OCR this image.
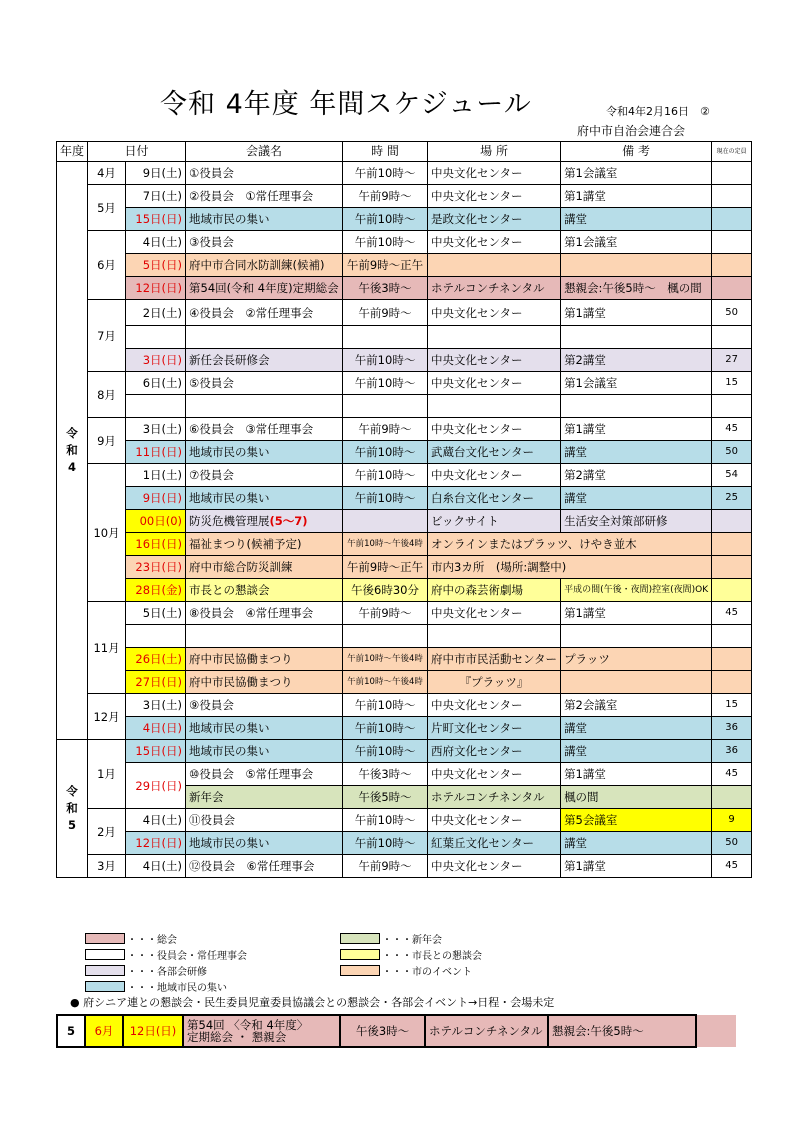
令和 4年度 年間スケジュール	令和4年2月16日　②
府中市自治会連合会
年度	日付		会議名	時 間	場 所	備 考	現在の定員

令
和
4	4月	9日(土)	①役員会	午前10時～	中央文化センター	第1会議室	
	5月	7日(土)	②役員会　①常任理事会	午前9時～	中央文化センター	第1講堂	
		15日(日)	地域市民の集い	午前10時～	是政文化センター	講堂	
	6月	4日(土)	③役員会	午前10時～	中央文化センター	第1会議室	
		5日(日)	府中市合同水防訓練(候補)	午前9時～正午			
		12日(日)	第54回(令和 4年度)定期総会	午後3時～	ホテルコンチネンタル	懇親会:午後5時～　楓の間	
	7月	2日(土)	④役員会　②常任理事会	午前9時～	中央文化センター	第1講堂	50

		3日(日)	新任会長研修会	午前10時～	中央文化センター	第2講堂	27
	8月	6日(土)	⑤役員会	午前10時～	中央文化センター	第1会議室	15

	9月	3日(土)	⑥役員会　③常任理事会	午前9時～	中央文化センター	第1講堂	45
		11日(日)	地域市民の集い	午前10時～	武蔵台文化センター	講堂	50
	10月	1日(土)	⑦役員会	午前10時～	中央文化センター	第2講堂	54
		9日(日)	地域市民の集い	午前10時～	白糸台文化センター	講堂	25
		00日(0)	防災危機管理展(5～7)		ビックサイト	生活安全対策部研修	
		16日(日)	福祉まつり(候補予定)	午前10時～午後4時	オンラインまたはプラッツ、けやき並木		
		23日(日)	府中市総合防災訓練	午前9時～正午	市内3カ所　(場所:調整中)		
		28日(金)	市長との懇談会	午後6時30分	府中の森芸術劇場	平成の間(午後・夜間)控室(夜間)OK	
	11月	5日(土)	⑧役員会　④常任理事会	午前9時～	中央文化センター	第1講堂	45

		26日(土)	府中市民協働まつり	午前10時～午後4時	府中市市民活動センター	プラッツ	
		27日(日)	府中市民協働まつり	午前10時～午後4時	『プラッツ』		
	12月	3日(土)	⑨役員会	午前10時～	中央文化センター	第2会議室	15
		4日(日)	地域市民の集い	午前10時～	片町文化センター	講堂	36

令
和
5	1月	15日(日)	地域市民の集い	午前10時～	西府文化センター	講堂	36
		29日(日)	⑩役員会　⑤常任理事会	午後3時～	中央文化センター	第1講堂	45
			新年会	午後5時～	ホテルコンチネンタル	楓の間	
	2月	4日(土)	⑪役員会	午前10時～	中央文化センター	第5会議室	9
		12日(日)	地域市民の集い	午前10時～	紅葉丘文化センター	講堂	50
	3月	4日(土)	⑫役員会　⑥常任理事会	午前9時～	中央文化センター	第1講堂	45
・・・総会
・・・役員会・常任理事会
・・・各部会研修
・・・地域市民の集い
・・・新年会
・・・市長との懇談会
・・・市のイベント
● 府シニア連との懇談会・民生委員児童委員協議会との懇談会・各部会イベント→日程・会場未定
5	6月	12日(日)	第54回 〈令和 4年度〉
定期総会 ・ 懇親会	午後3時～	ホテルコンチネンタル	懇親会:午後5時～	
